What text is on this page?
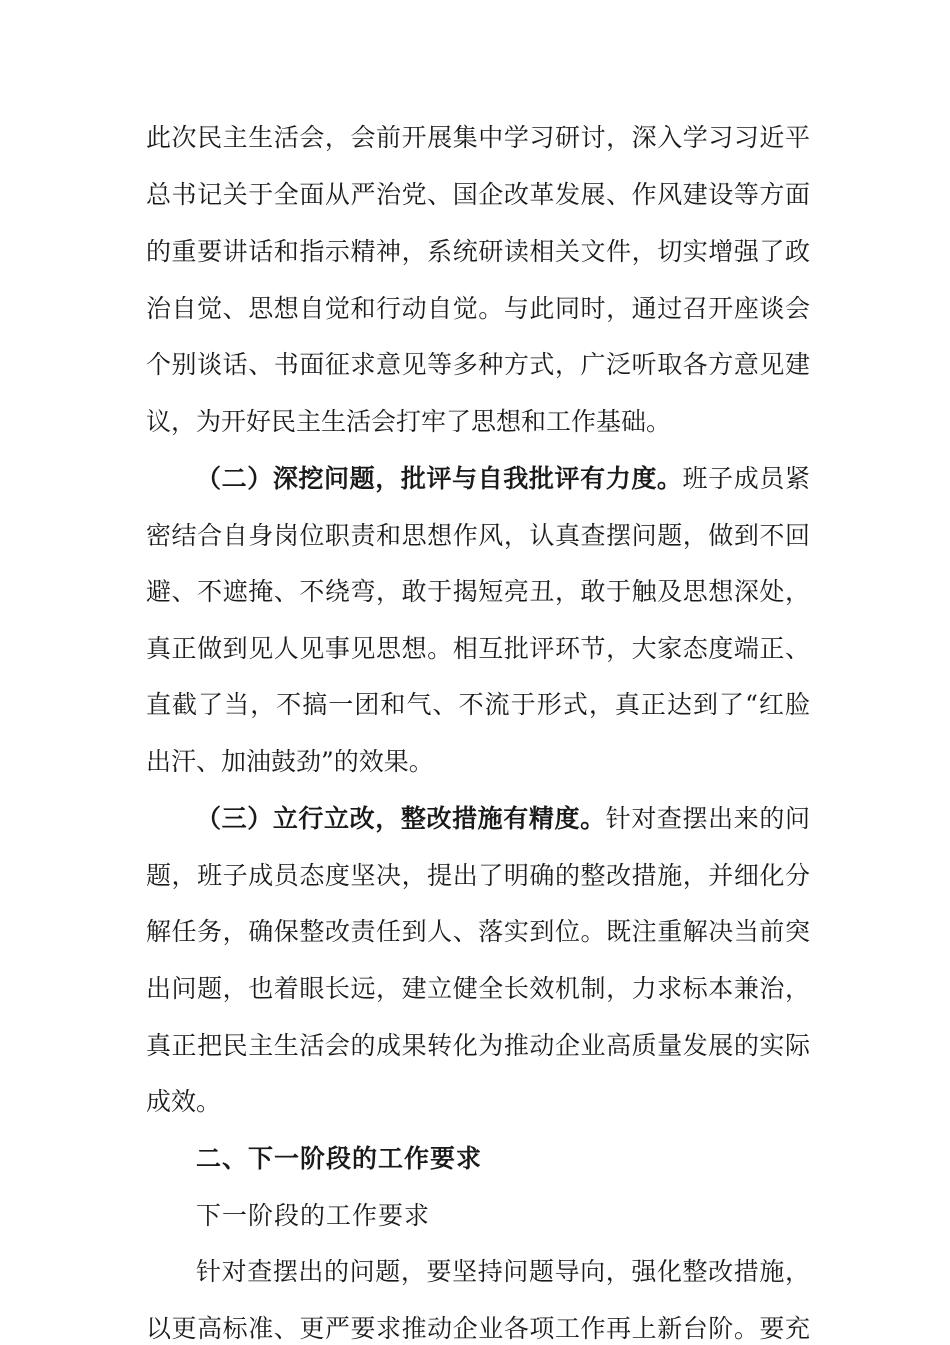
此次民主生活会，会前开展集中学习研讨，深入学习习近平
总书记关于全面从严治党、国企改革发展、作风建设等方面
的重要讲话和指示精神，系统研读相关文件，切实增强了政
治自觉、思想自觉和行动自觉。与此同时，通过召开座谈会
个别谈话、书面征求意见等多种方式，广泛听取各方意见建
议，为开好民主生活会打牢了思想和工作基础。
（二）深挖问题，批评与自我批评有力度。班子成员紧
密结合自身岗位职责和思想作风，认真查摆问题，做到不回
避、不遮掩、不绕弯，敢于揭短亮丑，敢于触及思想深处，
真正做到见人见事见思想。相互批评环节，大家态度端正、
直截了当，不搞一团和气、不流于形式，真正达到了“红脸
出汗、加油鼓劲”的效果。
（三）立行立改，整改措施有精度。针对查摆出来的问
题，班子成员态度坚决，提出了明确的整改措施，并细化分
解任务，确保整改责任到人、落实到位。既注重解决当前突
出问题，也着眼长远，建立健全长效机制，力求标本兼治，
真正把民主生活会的成果转化为推动企业高质量发展的实际
成效。
二、下一阶段的工作要求
下一阶段的工作要求
针对查摆出的问题，要坚持问题导向，强化整改措施，
以更高标准、更严要求推动企业各项工作再上新台阶。要充
